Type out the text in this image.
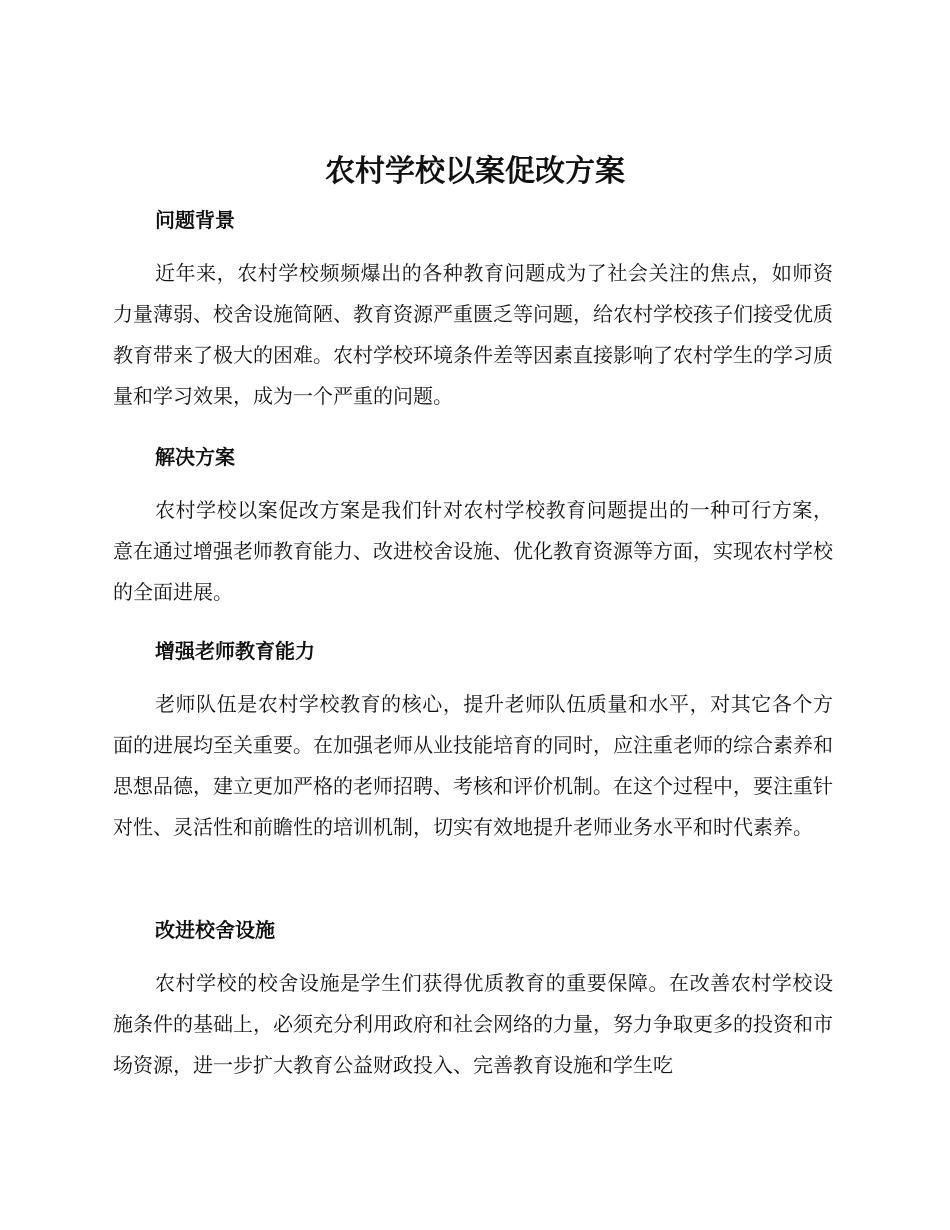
农村学校以案促改方案
问题背景

近年来，农村学校频频爆出的各种教育问题成为了社会关注的焦点，如师资力量薄弱、校舍设施简陋、教育资源严重匮乏等问题，给农村学校孩子们接受优质教育带来了极大的困难。农村学校环境条件差等因素直接影响了农村学生的学习质量和学习效果，成为一个严重的问题。

解决方案

农村学校以案促改方案是我们针对农村学校教育问题提出的一种可行方案，意在通过增强老师教育能力、改进校舍设施、优化教育资源等方面，实现农村学校的全面进展。

增强老师教育能力

老师队伍是农村学校教育的核心，提升老师队伍质量和水平，对其它各个方面的进展均至关重要。在加强老师从业技能培育的同时，应注重老师的综合素养和思想品德，建立更加严格的老师招聘、考核和评价机制。在这个过程中，要注重针对性、灵活性和前瞻性的培训机制，切实有效地提升老师业务水平和时代素养。

改进校舍设施

农村学校的校舍设施是学生们获得优质教育的重要保障。在改善农村学校设施条件的基础上，必须充分利用政府和社会网络的力量，努力争取更多的投资和市场资源，进一步扩大教育公益财政投入、完善教育设施和学生吃
